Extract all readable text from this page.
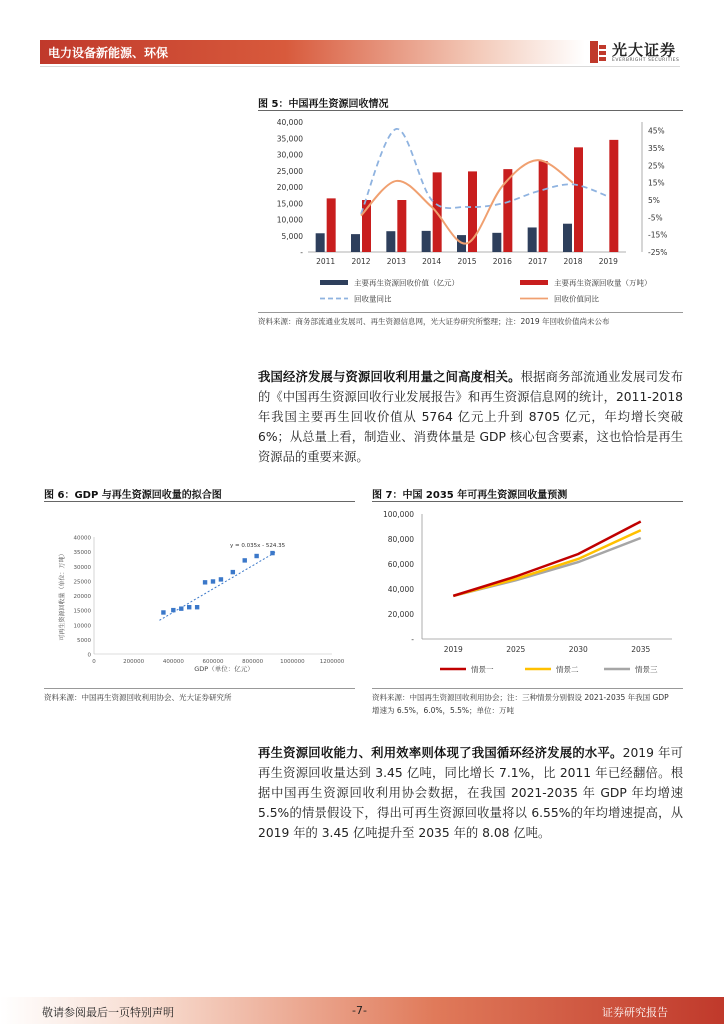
电力设备新能源、环保	光大证券
EVERBRIGHT SECURITIES
图 5：中国再生资源回收情况
-
5,000
10,000
15,000
20,000
25,000
30,000
35,000
40,000
45%
35%
25%
15%
5%
-5%
-15%
-25%
2011 2012 2013 2014 2015 2016 2017 2018 2019
主要再生资源回收价值（亿元）	主要再生资源回收量（万吨）
回收量同比	回收价值同比
资料来源：商务部流通业发展司、再生资源信息网，光大证券研究所整理；注：2019 年回收价值尚未公布

我国经济发展与资源回收利用量之间高度相关。根据商务部流通业发展司发布的《中国再生资源回收行业发展报告》和再生资源信息网的统计，2011-2018 年我国主要再生回收价值从 5764 亿元上升到 8705 亿元，年均增长突破 6%；从总量上看，制造业、消费体量是 GDP 核心包含要素，这也恰恰是再生资源品的重要来源。

图 6：GDP 与再生资源回收量的拟合图
0
5000
10000
15000
20000
25000
30000
35000
40000
0	200000	400000	600000	800000	1000000	1200000
y = 0.035x - 524.35
GDP（单位：亿元）
可再生资源回收量（单位：万吨）
资料来源：中国再生资源回收利用协会、光大证券研究所
图 7：中国 2035 年可再生资源回收量预测
-
20,000
40,000
60,000
80,000
100,000
2019	2025	2030	2035
情景一	情景二	情景三
资料来源：中国再生资源回收利用协会；注：三种情景分别假设 2021-2035 年我国 GDP
增速为 6.5%，6.0%，5.5%；单位：万吨

再生资源回收能力、利用效率则体现了我国循环经济发展的水平。2019 年可再生资源回收量达到 3.45 亿吨，同比增长 7.1%，比 2011 年已经翻倍。根据中国再生资源回收利用协会数据，在我国 2021-2035 年 GDP 年均增速 5.5%的情景假设下，得出可再生资源回收量将以 6.55%的年均增速提高，从 2019 年的 3.45 亿吨提升至 2035 年的 8.08 亿吨。

敬请参阅最后一页特别声明	-7-	证券研究报告
